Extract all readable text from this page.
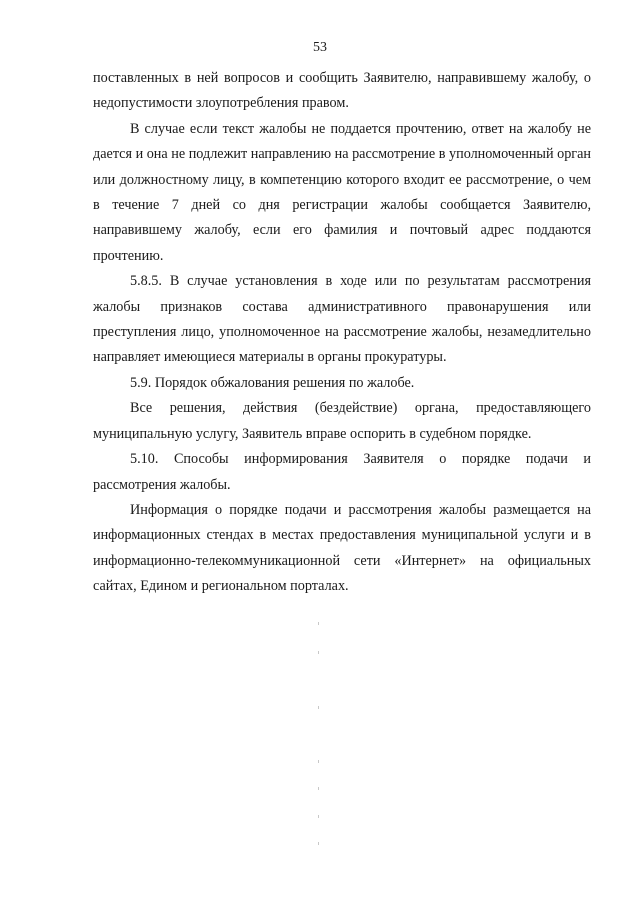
53

поставленных в ней вопросов и сообщить Заявителю, направившему жалобу, о недопустимости злоупотребления правом.

В случае если текст жалобы не поддается прочтению, ответ на жалобу не дается и она не подлежит направлению на рассмотрение в уполномоченный орган или должностному лицу, в компетенцию которого входит ее рассмотрение, о чем в течение 7 дней со дня регистрации жалобы сообщается Заявителю, направившему жалобу, если его фамилия и почтовый адрес поддаются прочтению.

5.8.5. В случае установления в ходе или по результатам рассмотрения жалобы признаков состава административного правонарушения или преступления лицо, уполномоченное на рассмотрение жалобы, незамедлительно направляет имеющиеся материалы в органы прокуратуры.

5.9. Порядок обжалования решения по жалобе.

Все решения, действия (бездействие) органа, предоставляющего муниципальную услугу, Заявитель вправе оспорить в судебном порядке.

5.10. Способы информирования Заявителя о порядке подачи и рассмотрения жалобы.

Информация о порядке подачи и рассмотрения жалобы размещается на информационных стендах в местах предоставления муниципальной услуги и в информационно-телекоммуникационной сети «Интернет» на официальных сайтах, Едином и региональном порталах.
